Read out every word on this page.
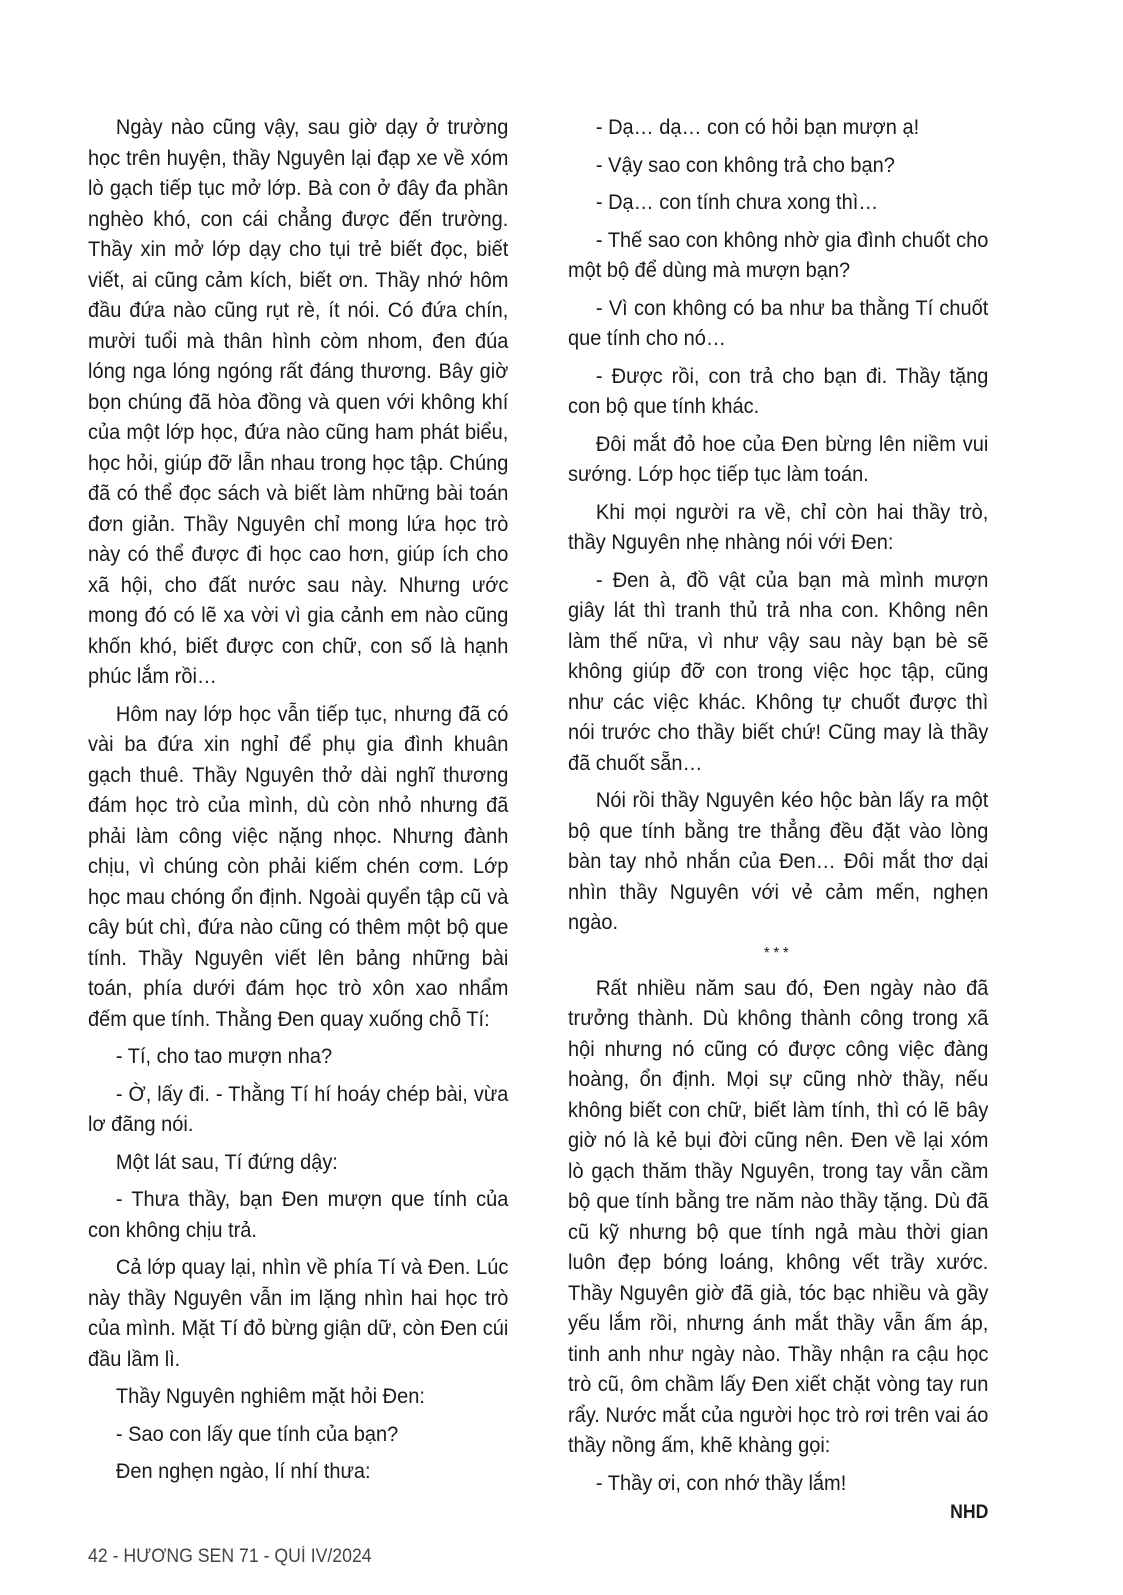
Ngày nào cũng vậy, sau giờ dạy ở trường học trên huyện, thầy Nguyên lại đạp xe về xóm lò gạch tiếp tục mở lớp. Bà con ở đây đa phần nghèo khó, con cái chẳng được đến trường. Thầy xin mở lớp dạy cho tụi trẻ biết đọc, biết viết, ai cũng cảm kích, biết ơn. Thầy nhớ hôm đầu đứa nào cũng rụt rè, ít nói. Có đứa chín, mười tuổi mà thân hình còm nhom, đen đúa lóng nga lóng ngóng rất đáng thương. Bây giờ bọn chúng đã hòa đồng và quen với không khí của một lớp học, đứa nào cũng ham phát biểu, học hỏi, giúp đỡ lẫn nhau trong học tập. Chúng đã có thể đọc sách và biết làm những bài toán đơn giản. Thầy Nguyên chỉ mong lứa học trò này có thể được đi học cao hơn, giúp ích cho xã hội, cho đất nước sau này. Nhưng ước mong đó có lẽ xa vời vì gia cảnh em nào cũng khốn khó, biết được con chữ, con số là hạnh phúc lắm rồi…

Hôm nay lớp học vẫn tiếp tục, nhưng đã có vài ba đứa xin nghỉ để phụ gia đình khuân gạch thuê. Thầy Nguyên thở dài nghĩ thương đám học trò của mình, dù còn nhỏ nhưng đã phải làm công việc nặng nhọc. Nhưng đành chịu, vì chúng còn phải kiếm chén cơm. Lớp học mau chóng ổn định. Ngoài quyển tập cũ và cây bút chì, đứa nào cũng có thêm một bộ que tính. Thầy Nguyên viết lên bảng những bài toán, phía dưới đám học trò xôn xao nhẩm đếm que tính. Thằng Đen quay xuống chỗ Tí:

- Tí, cho tao mượn nha?

- Ờ, lấy đi. - Thằng Tí hí hoáy chép bài, vừa lơ đãng nói.

Một lát sau, Tí đứng dậy:

- Thưa thầy, bạn Đen mượn que tính của con không chịu trả.

Cả lớp quay lại, nhìn về phía Tí và Đen. Lúc này thầy Nguyên vẫn im lặng nhìn hai học trò của mình. Mặt Tí đỏ bừng giận dữ, còn Đen cúi đầu lầm lì.

Thầy Nguyên nghiêm mặt hỏi Đen:

- Sao con lấy que tính của bạn?

Đen nghẹn ngào, lí nhí thưa:

- Dạ… dạ… con có hỏi bạn mượn ạ!

- Vậy sao con không trả cho bạn?

- Dạ… con tính chưa xong thì…

- Thế sao con không nhờ gia đình chuốt cho một bộ để dùng mà mượn bạn?

- Vì con không có ba như ba thằng Tí chuốt que tính cho nó…

- Được rồi, con trả cho bạn đi. Thầy tặng con bộ que tính khác.

Đôi mắt đỏ hoe của Đen bừng lên niềm vui sướng. Lớp học tiếp tục làm toán.

Khi mọi người ra về, chỉ còn hai thầy trò, thầy Nguyên nhẹ nhàng nói với Đen:

- Đen à, đồ vật của bạn mà mình mượn giây lát thì tranh thủ trả nha con. Không nên làm thế nữa, vì như vậy sau này bạn bè sẽ không giúp đỡ con trong việc học tập, cũng như các việc khác. Không tự chuốt được thì nói trước cho thầy biết chứ! Cũng may là thầy đã chuốt sẵn…

Nói rồi thầy Nguyên kéo hộc bàn lấy ra một bộ que tính bằng tre thẳng đều đặt vào lòng bàn tay nhỏ nhắn của Đen… Đôi mắt thơ dại nhìn thầy Nguyên với vẻ cảm mến, nghẹn ngào.

***

Rất nhiều năm sau đó, Đen ngày nào đã trưởng thành. Dù không thành công trong xã hội nhưng nó cũng có được công việc đàng hoàng, ổn định. Mọi sự cũng nhờ thầy, nếu không biết con chữ, biết làm tính, thì có lẽ bây giờ nó là kẻ bụi đời cũng nên. Đen về lại xóm lò gạch thăm thầy Nguyên, trong tay vẫn cầm bộ que tính bằng tre năm nào thầy tặng. Dù đã cũ kỹ nhưng bộ que tính ngả màu thời gian luôn đẹp bóng loáng, không vết trầy xước. Thầy Nguyên giờ đã già, tóc bạc nhiều và gầy yếu lắm rồi, nhưng ánh mắt thầy vẫn ấm áp, tinh anh như ngày nào. Thầy nhận ra cậu học trò cũ, ôm chầm lấy Đen xiết chặt vòng tay run rẩy. Nước mắt của người học trò rơi trên vai áo thầy nồng ấm, khẽ khàng gọi:

- Thầy ơi, con nhớ thầy lắm!

NHD
42 - HƯƠNG SEN 71 - QUÍ IV/2024
